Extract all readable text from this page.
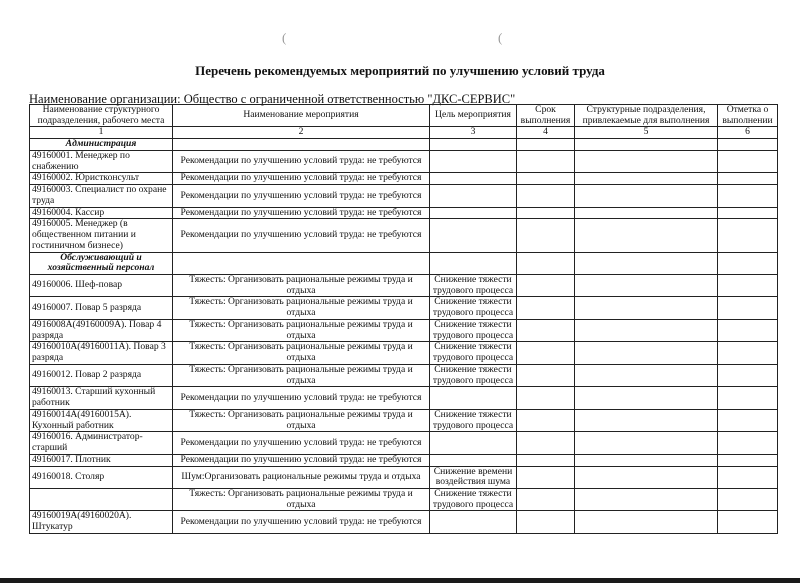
(	(
Перечень рекомендуемых мероприятий по улучшению условий труда
Наименование организации: Общество с ограниченной ответственностью "ДКС-СЕРВИС"
Наименование структурного подразделения, рабочего места	Наименование мероприятия	Цель мероприятия	Срок выполнения	Структурные подразделения, привлекаемые для выполнения	Отметка о выполнении
1	2	3	4	5	6
Администрация					
49160001. Менеджер по снабжению	Рекомендации по улучшению условий труда: не требуются				
49160002. Юристконсульт	Рекомендации по улучшению условий труда: не требуются				
49160003. Специалист по охране труда	Рекомендации по улучшению условий труда: не требуются				
49160004. Кассир	Рекомендации по улучшению условий труда: не требуются				
49160005. Менеджер (в общественном питании и гостиничном бизнесе)	Рекомендации по улучшению условий труда: не требуются				
Обслуживающий и хозяйственный персонал					
49160006. Шеф-повар	Тяжесть: Организовать рациональные режимы труда и отдыха	Снижение тяжести трудового процесса			
49160007. Повар 5 разряда	Тяжесть: Организовать рациональные режимы труда и отдыха	Снижение тяжести трудового процесса			
4916008А(49160009А). Повар 4 разряда	Тяжесть: Организовать рациональные режимы труда и отдыха	Снижение тяжести трудового процесса			
49160010А(49160011А). Повар 3 разряда	Тяжесть: Организовать рациональные режимы труда и отдыха	Снижение тяжести трудового процесса			
49160012. Повар 2 разряда	Тяжесть: Организовать рациональные режимы труда и отдыха	Снижение тяжести трудового процесса			
49160013. Старший кухонный работник	Рекомендации по улучшению условий труда: не требуются				
49160014А(49160015А). Кухонный работник	Тяжесть: Организовать рациональные режимы труда и отдыха	Снижение тяжести трудового процесса			
49160016. Администратор-старший	Рекомендации по улучшению условий труда: не требуются				
49160017. Плотник	Рекомендации по улучшению условий труда: не требуются				
49160018. Столяр	Шум:Организовать рациональные режимы труда и отдыха	Снижение времени воздействия шума			
	Тяжесть: Организовать рациональные режимы труда и отдыха	Снижение тяжести трудового процесса			
49160019А(49160020А). Штукатур	Рекомендации по улучшению условий труда: не требуются				
